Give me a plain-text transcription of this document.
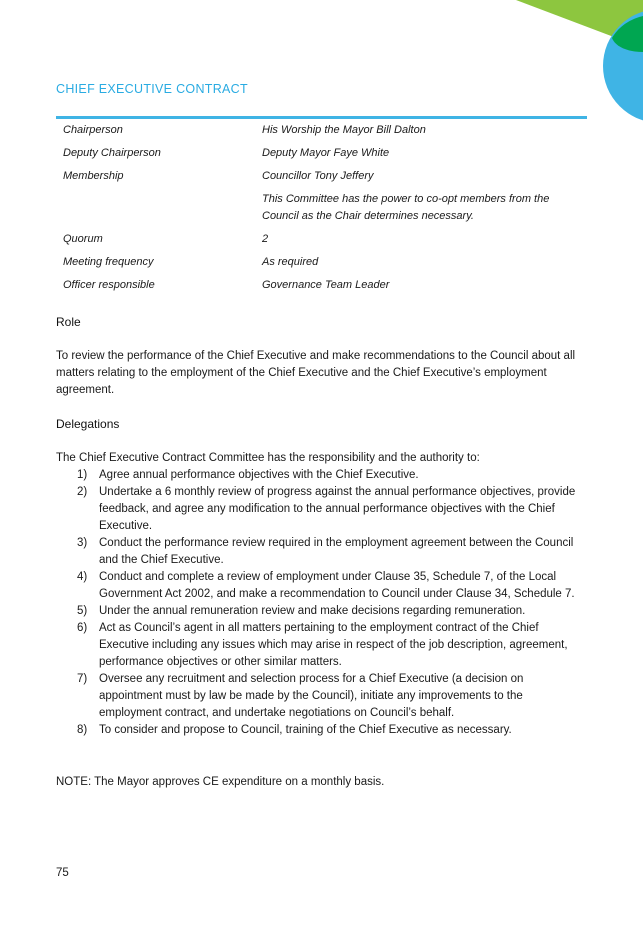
CHIEF EXECUTIVE CONTRACT
Chairperson	His Worship the Mayor Bill Dalton
Deputy Chairperson	Deputy Mayor Faye White
Membership	Councillor Tony Jeffery

This Committee has the power to co-opt members from the Council as the Chair determines necessary.

Quorum	2
Meeting frequency	As required
Officer responsible	Governance Team Leader
Role

To review the performance of the Chief Executive and make recommendations to the Council about all matters relating to the employment of the Chief Executive and the Chief Executive’s employment agreement.

Delegations

The Chief Executive Contract Committee has the responsibility and the authority to:

1) Agree annual performance objectives with the Chief Executive.
2) Undertake a 6 monthly review of progress against the annual performance objectives, provide feedback, and agree any modification to the annual performance objectives with the Chief Executive.
3) Conduct the performance review required in the employment agreement between the Council and the Chief Executive.
4) Conduct and complete a review of employment under Clause 35, Schedule 7, of the Local Government Act 2002, and make a recommendation to Council under Clause 34, Schedule 7.
5) Under the annual remuneration review and make decisions regarding remuneration.
6) Act as Council’s agent in all matters pertaining to the employment contract of the Chief Executive including any issues which may arise in respect of the job description, agreement, performance objectives or other similar matters.
7) Oversee any recruitment and selection process for a Chief Executive (a decision on appointment must by law be made by the Council), initiate any improvements to the employment contract, and undertake negotiations on Council’s behalf.
8) To consider and propose to Council, training of the Chief Executive as necessary.

NOTE: The Mayor approves CE expenditure on a monthly basis.

75
